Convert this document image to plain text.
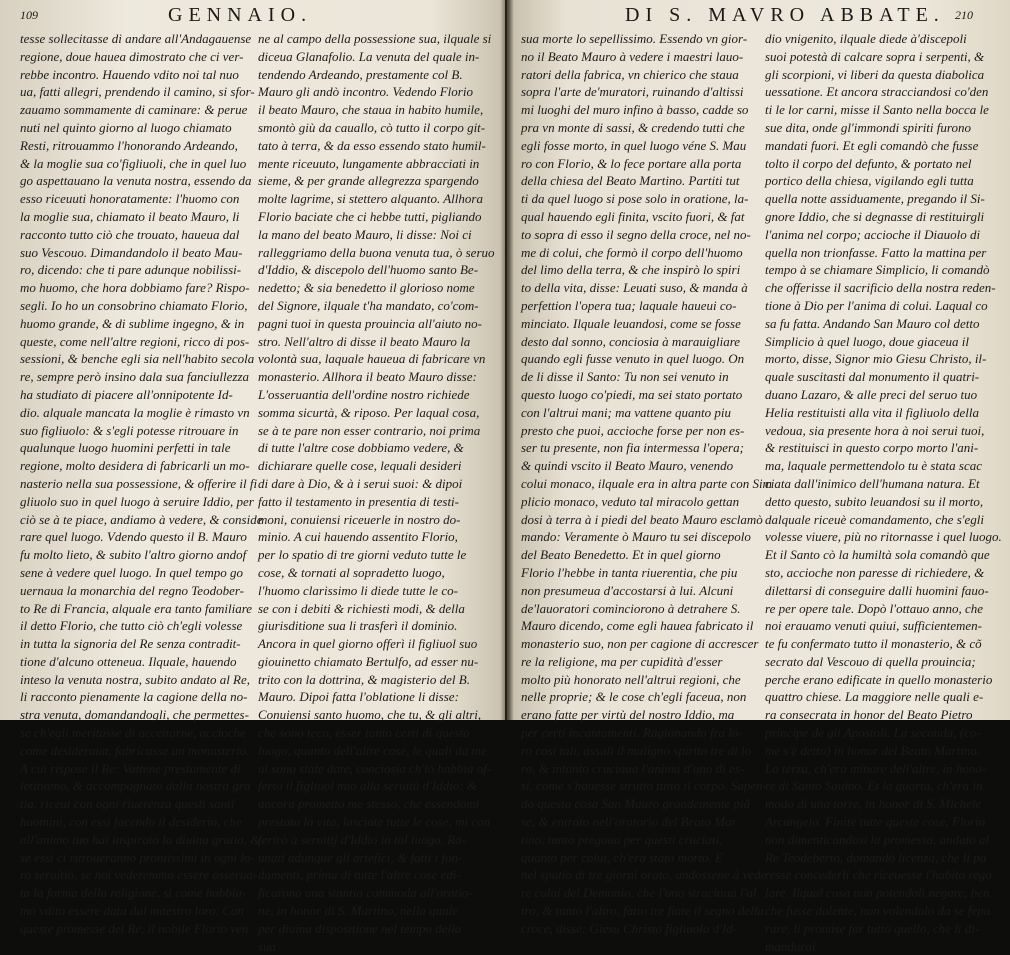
109	GENNAIO.
tesse sollecitasse di andare all'Andagauense
regione, doue hauea dimostrato che ci ver-
rebbe incontro. Hauendo vdito noi tal nuo
ua, fatti allegri, prendendo il camino, si sfor-
zauamo sommamente di caminare: & perue
nuti nel quinto giorno al luogo chiamato
Resti, ritrouammo l'honorando Ardeando,
& la moglie sua co'figliuoli, che in quel luo
go aspettauano la venuta nostra, essendo da
esso riceuuti honoratamente: l'huomo con
la moglie sua, chiamato il beato Mauro, li
racconto tutto ciò che trouato, haueua dal
suo Vescouo. Dimandandolo il beato Mau-
ro, dicendo: che ti pare adunque nobilissi-
mo huomo, che hora dobbiamo fare? Rispo-
segli. Io ho un consobrino chiamato Florio,
huomo grande, & di sublime ingegno, & in
queste, come nell'altre regioni, ricco di pos-
sessioni, & benche egli sia nell'habito secola
re, sempre però insino dala sua fanciullezza
ha studiato di piacere all'onnipotente Id-
dio. alquale mancata la moglie è rimasto vn
suo figliuolo: & s'egli potesse ritrouare in
qualunque luogo huomini perfetti in tale
regione, molto desidera di fabricarli un mo-
nasterio nella sua possessione, & offerire il fi
gliuolo suo in quel luogo à seruire Iddio, per
ciò se à te piace, andiamo à vedere, & conside
rare quel luogo. Vdendo questo il B. Mauro
fu molto lieto, & subito l'altro giorno andof
sene à vedere quel luogo. In quel tempo go
uernaua la monarchia del regno Teodober-
to Re di Francia, alquale era tanto familiare
il detto Florio, che tutto ciò ch'egli volesse
in tutta la signoria del Re senza contradit-
tione d'alcuno otteneua. Ilquale, hauendo
inteso la venuta nostra, subito andato al Re,
li racconto pienamente la cagione della no-
stra venuta, domandandogli, che permettes-
se ch'egli meritasse di accettarne, accioche
come desideraua, fabricasse un monasterio.
A cui rispose il Re: Vattene prestamente di
letitiamo, & accompagnato dalla nostra gra
tia, riceui con ogni riuerenza questi santi
huomini, con essi facendo il desiderio, che
all'animo tuo hai inspirato la diuina gratia, &
se essi ci ritroueranno prontissimi in ogni lo-
ro seruitio, se noi vederemmo essere osserua-
ta la forma della religione, sì come habbia-
mo vdito essere data dal maestro loro. Con
queste promesse del Re, il nobile Florio ven
ne al campo della possessione sua, ilquale si
diceua Glanafolio. La venuta del quale in-
tendendo Ardeando, prestamente col B.
Mauro gli andò incontro. Vedendo Florio
il beato Mauro, che staua in habito humile,
smontò giù da cauallo, cò tutto il corpo git-
tato à terra, & da esso essendo stato humil-
mente riceuuto, lungamente abbracciati in
sieme, & per grande allegrezza spargendo
molte lagrime, si stettero alquanto. Allhora
Florio baciate che ci hebbe tutti, pigliando
la mano del beato Mauro, li disse: Noi ci
ralleggriamo della buona venuta tua, ò seruo
d'Iddio, & discepolo dell'huomo santo Be-
nedetto; & sia benedetto il glorioso nome
del Signore, ilquale t'ha mandato, co'com-
pagni tuoi in questa prouincia all'aiuto no-
stro. Nell'altro di disse il beato Mauro la
volontà sua, laquale haueua di fabricare vn
monasterio. Allhora il beato Mauro disse:
L'osseruantia dell'ordine nostro richiede
somma sicurtà, & riposo. Per laqual cosa,
se à te pare non esser contrario, noi prima
di tutte l'altre cose dobbiamo vedere, &
dichiarare quelle cose, lequali desideri
di dare à Dio, & à i serui suoi: & dipoi
fatto il testamento in presentia di testi-
moni, conuiensi riceuerle in nostro do-
minio. A cui hauendo assentito Florio,
per lo spatio di tre giorni veduto tutte le
cose, & tornati al sopradetto luogo,
l'huomo clarissimo li diede tutte le co-
se con i debiti & richiesti modi, & della
giurisditione sua li trasferì il dominio.
Ancora in quel giorno offerì il figliuol suo
giouinetto chiamato Bertulfo, ad esser nu-
trito con la dottrina, & magisterio del B.
Mauro. Dipoi fatta l'oblatione li disse:
Conuiensi santo huomo, che tu, & gli altri,
che sono teco, esser tanto certi di questo
luogo, quanto dell'altre cose, le quali da me
ui sono state date, conciosia ch'io habbia of-
ferto il figliuol mio alla seruitù d'Iddio: &
ancora prometto me stesso, che essendomi
prestata la vita, lasciate tutte le cose, mi con
ferirò à seruitij d'Iddio in tal luogo. Ra-
unati adunque gli artefici, & fatti i fon-
damenti, prima di tutte l'altre cose edi-
ficarono una stantia commoda all'oratio-
ne, in honor di S. Martino, nella quale
per diuina dispositione nel tempo della
sua
DI S. MAVRO ABBATE. 210
sua morte lo sepellissimo. Essendo vn gior-
no il Beato Mauro à vedere i maestri lauo-
ratori della fabrica, vn chierico che staua
sopra l'arte de'muratori, ruinando d'altissi
mi luoghi del muro infino à basso, cadde so
pra vn monte di sassi, & credendo tutti che
egli fosse morto, in quel luogo véne S. Mau
ro con Florio, & lo fece portare alla porta
della chiesa del Beato Martino. Partiti tut
ti da quel luogo si pose solo in oratione, la-
qual hauendo egli finita, vscito fuori, & fat
to sopra di esso il segno della croce, nel no-
me di colui, che formò il corpo dell'huomo
del limo della terra, & che inspirò lo spiri
to della vita, disse: Leuati suso, & manda à
perfettion l'opera tua; laquale haueui co-
minciato. Ilquale leuandosi, come se fosse
desto dal sonno, conciosia à marauigliare
quando egli fusse venuto in quel luogo. On
de li disse il Santo: Tu non sei venuto in
questo luogo co'piedi, ma sei stato portato
con l'altrui mani; ma vattene quanto piu
presto che puoi, accioche forse per non es-
ser tu presente, non fia intermessa l'opera;
& quindi vscito il Beato Mauro, venendo
colui monaco, ilquale era in altra parte con Sim
plicio monaco, veduto tal miracolo gettan
dosi à terra à i piedi del beato Mauro esclamò
mando: Veramente ò Mauro tu sei discepolo
del Beato Benedetto. Et in quel giorno
Florio l'hebbe in tanta riuerentia, che piu
non presumeua d'accostarsi à lui. Alcuni
de'lauoratori cominciorono à detrahere S.
Mauro dicendo, come egli hauea fabricato il
monasterio suo, non per cagione di accrescer
re la religione, ma per cupidità d'esser
molto più honorato nell'altrui regioni, che
nelle proprie; & le cose ch'egli faceua, non
erano fatte per virtù del nostro Iddio, ma
per certi incantamenti. Ragionando fra lo-
ro cosi tali, assalì il maligno spirito tre di lo
ro, & intanto cruciaua l'anima d'uno di es-
si, come s'hauesse strutto tutto il corpo. Sapen-
do questa cosa San Mauro grandemente piã
se, & entrato nell'oratorio del Beato Mar
tino, tanto pregaua per questi cruciati,
quanto per colui, ch'era stato morto. E
nel spatio di tre giorni orato, andossene à vede
re colui del Demonio, che l'uno straciaua l'al
tro, & tanto l'altro, fatto tre fiate il segno della
croce, disse: Giesu Christo figliuolo d'Id-
dio vnigenito, ilquale diede à'discepoli
suoi potestà di calcare sopra i serpenti, &
gli scorpioni, vi liberi da questa diabolica
uessatione. Et ancora stracciandosi co'den
ti le lor carni, misse il Santo nella bocca le
sue dita, onde gl'immondi spiriti furono
mandati fuori. Et egli comandò che fusse
tolto il corpo del defunto, & portato nel
portico della chiesa, vigilando egli tutta
quella notte assiduamente, pregando il Si-
gnore Iddio, che si degnasse di restituirgli
l'anima nel corpo; accioche il Diauolo di
quella non trionfasse. Fatto la mattina per
tempo à se chiamare Simplicio, li comandò
che offerisse il sacrificio della nostra reden-
tione à Dio per l'anima di colui. Laqual co
sa fu fatta. Andando San Mauro col detto
Simplicio à quel luogo, doue giaceua il
morto, disse, Signor mio Giesu Christo, il-
quale suscitasti dal monumento il quatri-
duano Lazaro, & alle preci del seruo tuo
Helia restituisti alla vita il figliuolo della
vedoua, sia presente hora à noi serui tuoi,
& restituisci in questo corpo morto l'ani-
ma, laquale permettendolo tu è stata scac
ciata dall'inimico dell'humana natura. Et
detto questo, subito leuandosi su il morto,
dalquale riceuè comandamento, che s'egli
volesse viuere, più no ritornasse i quel luogo.
Et il Santo cò la humiltà sola comandò que
sto, accioche non paresse di richiedere, &
dilettarsi di conseguire dalli huomini fauo-
re per opere tale. Dopò l'ottauo anno, che
noi erauamo venuti quiui, sufficientemen-
te fu confermato tutto il monasterio, & cõ
secrato dal Vescouo di quella prouincia;
perche erano edificate in quello monasterio
quattro chiese. La maggiore nelle quali e-
ra consecrata in honor del Beato Pietro
principe de gli Apostoli. La seconda, (co-
me s'è detto) in honor del Beato Martino.
La terza, ch'era minore dell'altre, in hono-
re di Santo Sauino. Et la quarta, ch'era in
modo di una torre, in honor di S. Michele
Arcangelo. Finite tutte queste cose, Florio
non dimenticandosi la promessa, andato al
Re Teodeberto, domandò licenza, che li pa
resse concederli che riceuesse l'habito rego
lare. Ilqual cosa non potendoli negare, ben
che fusse dolente, non volendolo da se fepa
rare, li promise far tutto quello, che li di-
mandarai
